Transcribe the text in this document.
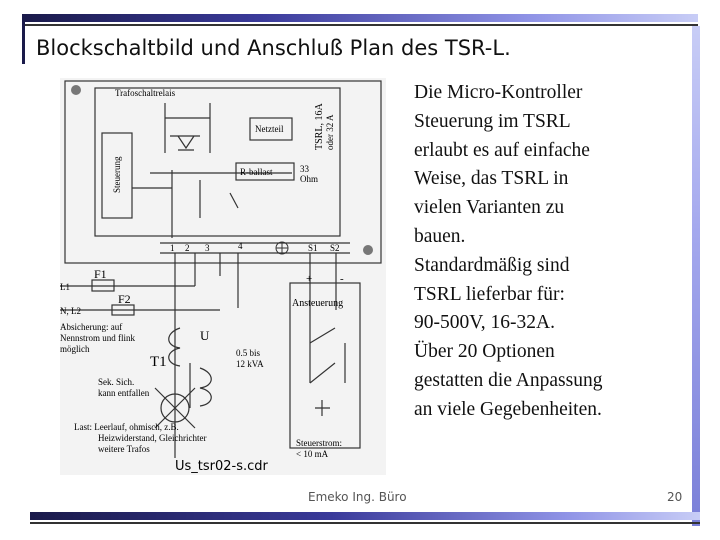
Blockschaltbild und Anschluß Plan des TSR-L.
Trafoschaltrelais
Steuerung
Netzteil	TSRL, 16A oder 32 A
R-ballast	33
Ohm
1 2 3	4	S1 S2
+	-
Ansteuerung
L1
N, L2
F1
F2
Absicherung: auf
Nennstrom und flink
möglich
U
T1
0.5 bis
12 kVA
Sek. Sich.
kann entfallen
Last: Leerlauf, ohmisch, z.B.
Heizwiderstand, Gleichrichter
weitere Trafos
Steuerstrom:
< 10 mA
Us_tsr02-s.cdr
Die Micro-Kontroller
Steuerung im TSRL
erlaubt es auf einfache
Weise, das TSRL in
vielen Varianten zu
bauen.
Standardmäßig sind
TSRL lieferbar für:
90-500V, 16-32A.
Über 20 Optionen
gestatten die Anpassung
an viele Gegebenheiten.
Emeko Ing. Büro	20
